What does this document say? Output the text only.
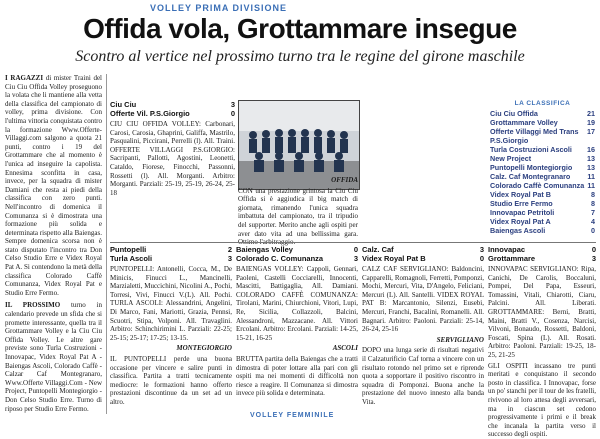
VOLLEY PRIMA DIVISIONE
Offida vola, Grottammare insegue
Scontro al vertice nel prossimo turno tra le regine del girone maschile

I RAGAZZI di mister Traini del Ciu Ciu Offida Volley proseguono la volata che li mantiene alla vetta della classifica del campionato di volley, prima divisione. Con l'ultima vittoria conquistata contro la formazione Www.Offerte-Villaggi.com salgono a quota 21 punti, contro i 19 del Grottammare che al momento è l'unica ad inseguire la capolista. Ennesima sconfitta in casa, invece, per la squadra di mister Damiani che resta ai piedi della classifica con zero punti. Nell'incontro di domenica il Comunanza si è dimostrata una formazione più solida e determinata rispetto alla Baiengas. Sempre domenica scorsa non è stato disputato l'incontro tra Don Celso Studio Erre e Videx Royal Pat A. Si contendono la metà della classifica Colorado Caffè Comunanza, Videx Royal Pat e Studio Erre Fermo.

IL PROSSIMO turno in calendario prevede un sfida che si promette interessante, quella tra il Grottammare Volley e la Ciu Ciu Offida Volley. Le altre gare previste sono Turla Costruzioni - Innovapac, Videx Royal Pat A - Baiengas Ascoli, Colorado Caffè - Calzar Caf Montegranaro, Www.Offerte Villaggi.Com - New Project, Puntopelli Montegiorgio - Don Celso Studio Erre. Turno di riposo per Studio Erre Fermo.

Ciu Ciu	3
Offerte Vil. P.S.Giorgio	0
CIU CIU OFFIDA VOLLEY: Carbonari, Carosi, Carosia, Ghaprini, Galiffa, Mastrilo, Pasqualini, Piccirani, Perrelli (l). All. Traini. OFFERTE VILLAGGI P.S.GIORGIO: Sacripanti, Pallotti, Agostini, Leonetti, Cataldo, Fiorese, Finocchi, Passonni, Rossetti (l). All. Morganti. Arbitro: Morganti. Parziali: 25-19, 25-19, 26-24, 25-18
OFFIDA
CON una prestazione grintosa la Ciu Ciu Offida si è aggiudica il big match di giornata, rimanendo l'unica squadra imbattuta del campionato, tra il tripudio del supporter. Merito anche agli ospiti per aver dato vita ad una bellissima gara.
LA CLASSIFICA
Ciu Ciu Offida	21
Grottammare Volley	19
Offerte Villaggi Med Trans P.S.Giorgio
17
Turla Costruzioni Ascoli 16
New Project	13
Puntopelli Montegiorgio 13
Calz. Caf Montegranaro 11
Colorado Caffè Comunanza 11
Videx Royal Pat B	8
Studio Erre Fermo	8
Innovapac Petritoli	7
Videx Royal Pat A	4
Baiengas Ascoli	0
Puntopelli	2
Turla Ascoli	3
PUNTOPELLI: Antonelli, Cocca, M., De Minicis, Finucci L., Mancinelli, Marzialetti, Muccichini, Nicolini A., Pochi, Torresi, Vivi, Finucci V.(L). All. Pochi. TURLA ASCOLI: Alessandrini, Angelini, Di Marco, Fani, Mariotti, Grazia, Pennsi, Scuotri, Stipa, Volponi. All. Travaglini. Arbitro: Schinchirimini L. Parziali: 22-25; 25-15; 25-17; 17-25; 13-15.
MONTEGIORGIO
IL PUNTOPELLI perde una buona occasione per vincere e salire punti in classifica. Partita a tratti tecnicamente mediocre: le formazioni hanno offerto prestazioni discontinue da un set ad un altro.
Baiengas Volley	0
Colorado C. Comunanza	3
BAIENGAS VOLLEY: Cappoli, Gennari, Paoleni, Castelli Cocciarelli, Innocenti, Mascitti, Battigaglia, All. Damiani. COLORADO CAFFÈ COMUNANZA: Tirolani, Marini, Chiurchioni, Vitori, Lupi, Re, Sicilia, Collazzoli, Balcini, Alessandroni, Mazzacane. All. Vittori Ercolani. Arbitro: Ercolani. Parziali: 14-25, 15-21, 16-25
ASCOLI
BRUTTA partita della Baiengas che a tratti dimostra di poter lottare alla pari con gli ospiti ma nei momenti di difficoltà non riesce a reagire. Il Comunanza si dimostra invece più solida e determinata.
Calz. Caf	3
Videx Royal Pat B	0
CALZ CAF SERVIGLIANO: Baldoncini, Capparelli, Romagnoli, Ferretti, Pomponzi, Mochi, Mercuri, Vita, D'Angelo, Feliciani, Mercuri (L). All. Santelli. VIDEX ROYAL PAT B: Marcantonio, Silenzi, Eusebi, Mercuri, Franchi, Bacalini, Romanelli. All. Bagnari. Arbitro: Paoloni. Parziali: 25-14, 26-24, 25-16
SERVIGLIANO
DOPO una lunga serie di risultati negativi il Calzaturificio Caf torna a vincere con un risultato rotondo nel primo set e riprende quota a sopportare il positivo riscontro in squadra di Pomponzi. Buona anche la prestazione del nuovo innesto alla banda Vita.
Innovapac	0
Grottammare	3
INNOVAPAC SERVIGLIANO: Ripa, Canichi, De Carolis, Boccaluni, Pompei, Del Papa, Esseuri, Tomassini, Vitali, Chiarotti, Ciaru, Palcini. All. Liberati. GROTTAMMARE: Berni, Bratti, Maini, Bratti V., Cosenza, Narcisi, Vilvoni, Bonaudo, Rossetti, Baldoni, Foscati, Spina (L). All. Rosati. Arbitro: Paoloni. Parziali: 19-25, 18-25, 21-25
GLI OSPITI incassano tre punti meritati e conquistano il secondo posto in classifica. I Innovapac, forse un po' stanchi per il tour de les fratelli, rivivono al loro attesa degli avversari, ma in ciascun set cedono progressivamente i primi e il break che incanala la partita verso il successo degli ospiti.
VOLLEY FEMMINILE
